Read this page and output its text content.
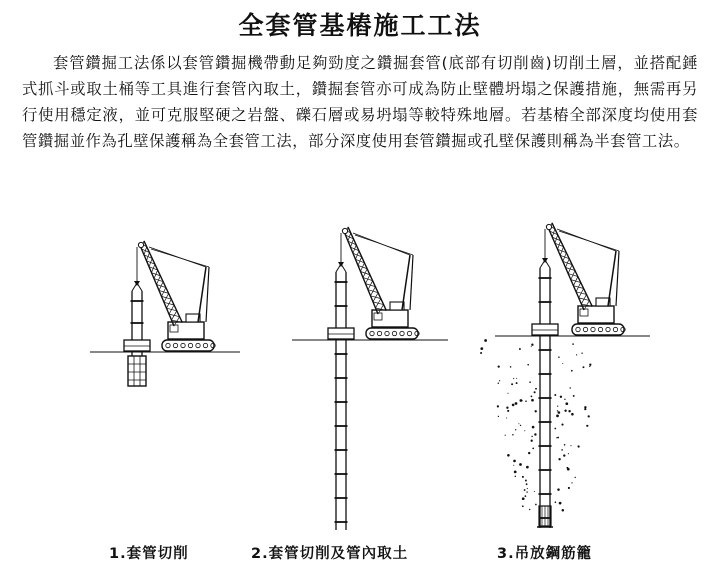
全套管基樁施工工法

套管鑽掘工法係以套管鑽掘機帶動足夠勁度之鑽掘套管(底部有切削齒)切削土層，並搭配錘式抓斗或取土桶等工具進行套管內取土，鑽掘套管亦可成為防止壁體坍塌之保護措施，無需再另行使用穩定液，並可克服堅硬之岩盤、礫石層或易坍塌等較特殊地層。若基樁全部深度均使用套管鑽掘並作為孔壁保護稱為全套管工法，部分深度使用套管鑽掘或孔壁保護則稱為半套管工法。

1.套管切削	2.套管切削及管內取土	3.吊放鋼筋籠
